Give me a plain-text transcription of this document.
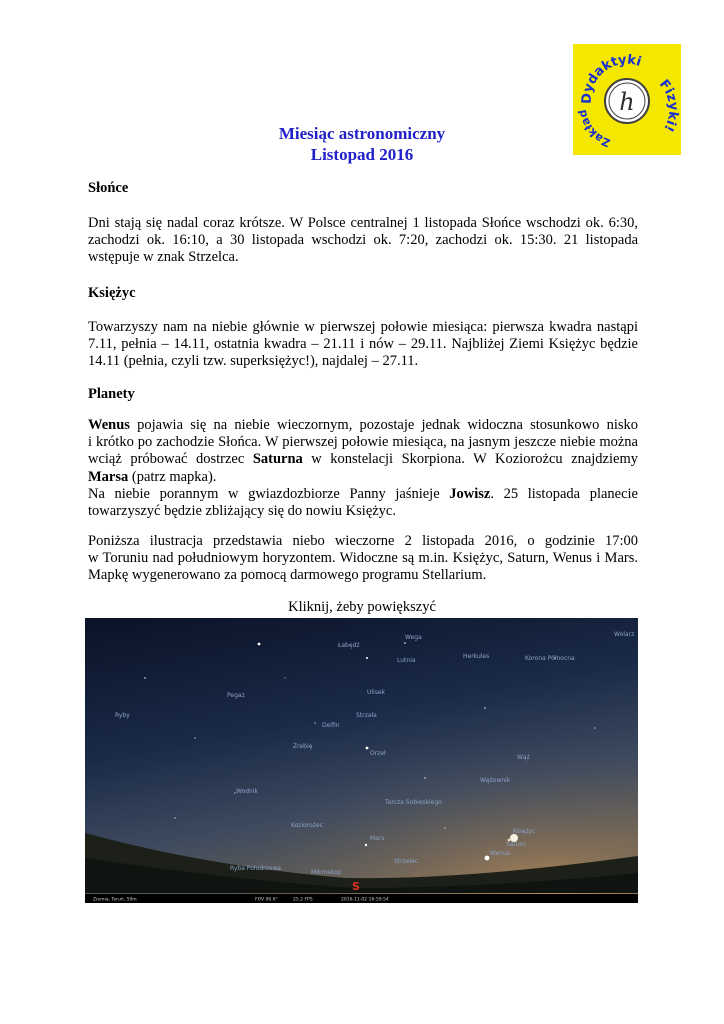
h
Dydaktyki
Fizyki!
Zakład
Miesiąc astronomiczny
Listopad 2016
Słońce
Dni stają się nadal coraz krótsze. W Polsce centralnej 1 listopada Słońce wschodzi ok. 6:30,
zachodzi ok. 16:10, a 30 listopada wschodzi ok. 7:20, zachodzi ok. 15:30. 21 listopada
wstępuje w znak Strzelca.
Księżyc
Towarzyszy nam na niebie głównie w pierwszej połowie miesiąca: pierwsza kwadra nastąpi
7.11, pełnia – 14.11, ostatnia kwadra – 21.11 i nów – 29.11. Najbliżej Ziemi Księżyc będzie
14.11 (pełnia, czyli tzw. superksiężyc!), najdalej – 27.11.
Planety
Wenus pojawia się na niebie wieczornym, pozostaje jednak widoczna stosunkowo nisko
i krótko po zachodzie Słońca. W pierwszej połowie miesiąca, na jasnym jeszcze niebie można
wciąż próbować dostrzec Saturna w konstelacji Skorpiona. W Koziorożcu znajdziemy
Marsa (patrz mapka).
Na niebie porannym w gwiazdozbiorze Panny jaśnieje Jowisz. 25 listopada planecie
towarzyszyć będzie zbliżający się do nowiu Księżyc.
Poniższa ilustracja przedstawia niebo wieczorne 2 listopada 2016, o godzinie 17:00
w Toruniu nad południowym horyzontem. Widoczne są m.in. Księżyc, Saturn, Wenus i Mars.
Mapkę wygenerowano za pomocą darmowego programu Stellarium.
Kliknij, żeby powiększyć
Łabędź
Wega
Lutnia
Herkules	Korona Północna
Wolarz
Pegaz
Ryby
Ulisek
Strzała
Delfin
Źrebię
Orzeł
Wąż
Wężownik
Wodnik
Tarcza Sobieskiego
Koziorożec
Mars
Księżyc
Saturn
Wenus
Strzelec
Ryba Południowa
Mikroskop
S
Ziemia, Toruń, 59m	FOV 96.6°	25.2 FPS	2016-11-02 16:59:54
